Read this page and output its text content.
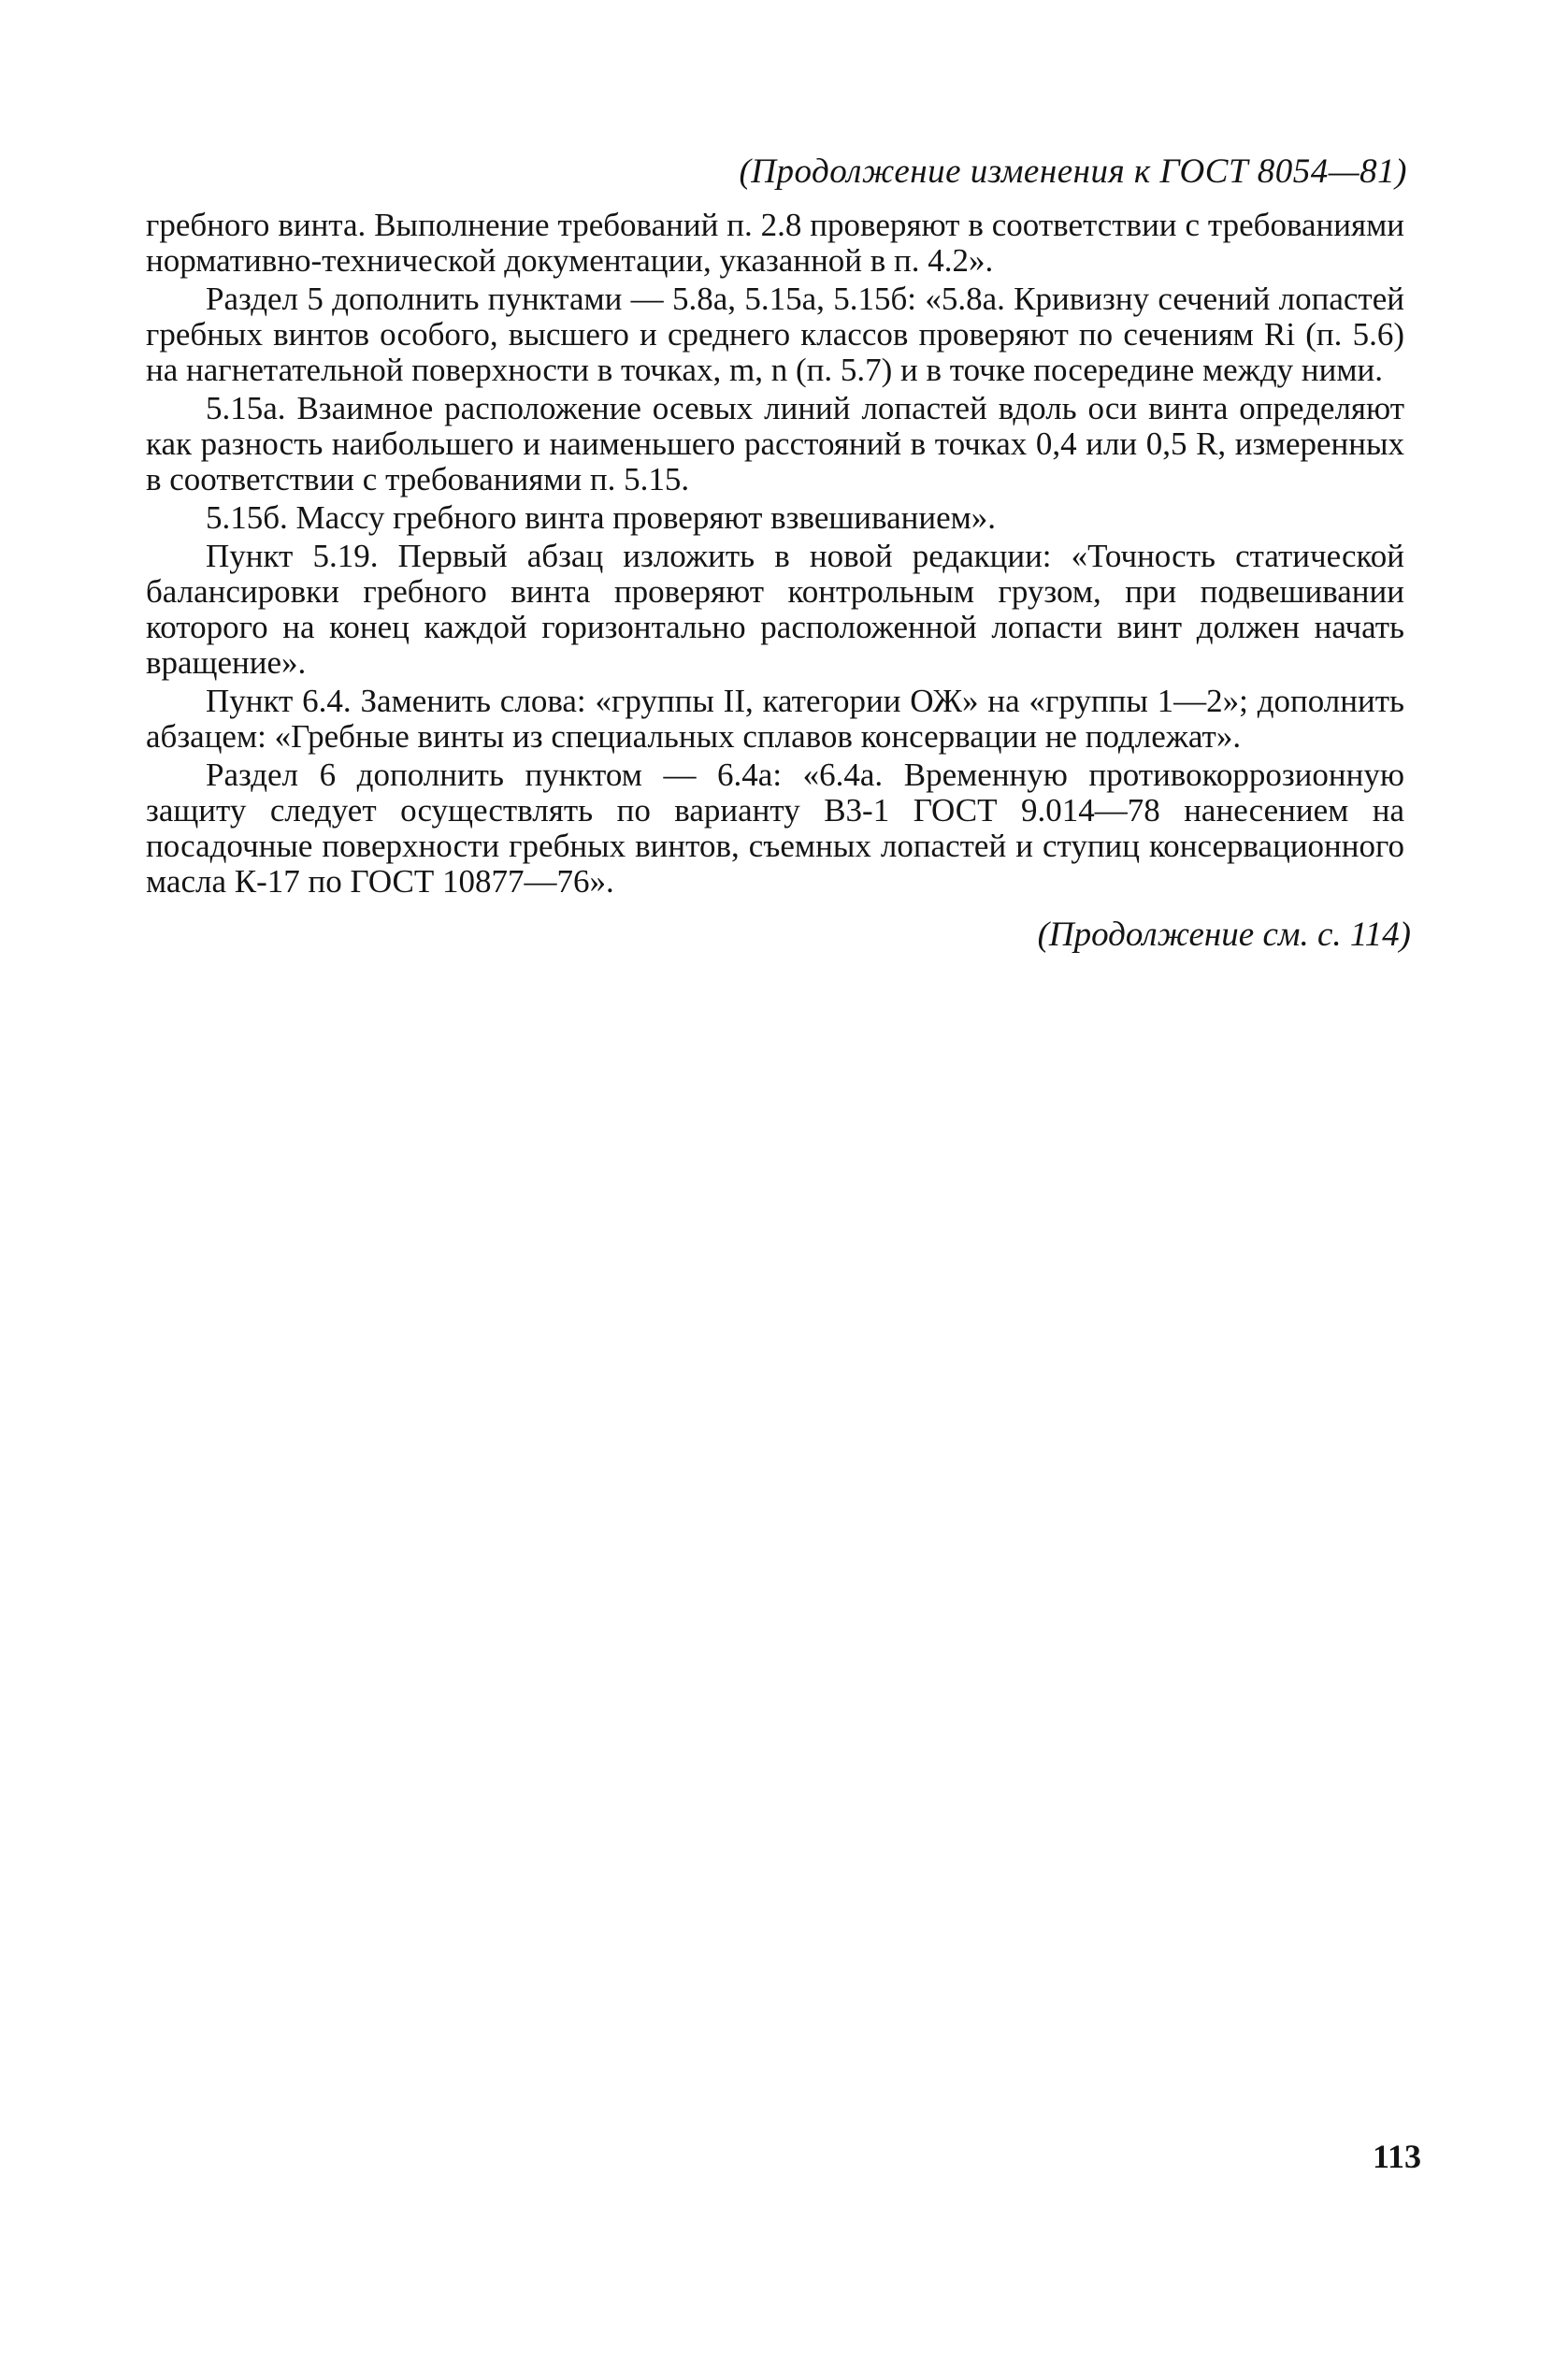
(Продолжение изменения к ГОСТ 8054—81)

гребного винта. Выполнение требований п. 2.8 проверяют в соответствии с требованиями нормативно-технической документации, указанной в п. 4.2».

Раздел 5 дополнить пунктами — 5.8а, 5.15а, 5.15б: «5.8а. Кривизну сечений лопастей гребных винтов особого, высшего и среднего классов проверяют по сечениям Ri (п. 5.6) на нагнетательной поверхности в точках, m, n (п. 5.7) и в точке посередине между ними.

5.15а. Взаимное расположение осевых линий лопастей вдоль оси винта определяют как разность наибольшего и наименьшего расстояний в точках 0,4 или 0,5 R, измеренных в соответствии с требованиями п. 5.15.

5.15б. Массу гребного винта проверяют взвешиванием».

Пункт 5.19. Первый абзац изложить в новой редакции: «Точность статической балансировки гребного винта проверяют контрольным грузом, при подвешивании которого на конец каждой горизонтально расположенной лопасти винт должен начать вращение».

Пункт 6.4. Заменить слова: «группы II, категории ОЖ» на «группы 1—2»; дополнить абзацем: «Гребные винты из специальных сплавов консервации не подлежат».

Раздел 6 дополнить пунктом — 6.4а: «6.4а. Временную противокоррозионную защиту следует осуществлять по варианту В3-1 ГОСТ 9.014—78 нанесением на посадочные поверхности гребных винтов, съемных лопастей и ступиц консервационного масла К-17 по ГОСТ 10877—76».

(Продолжение см. с. 114)
113
